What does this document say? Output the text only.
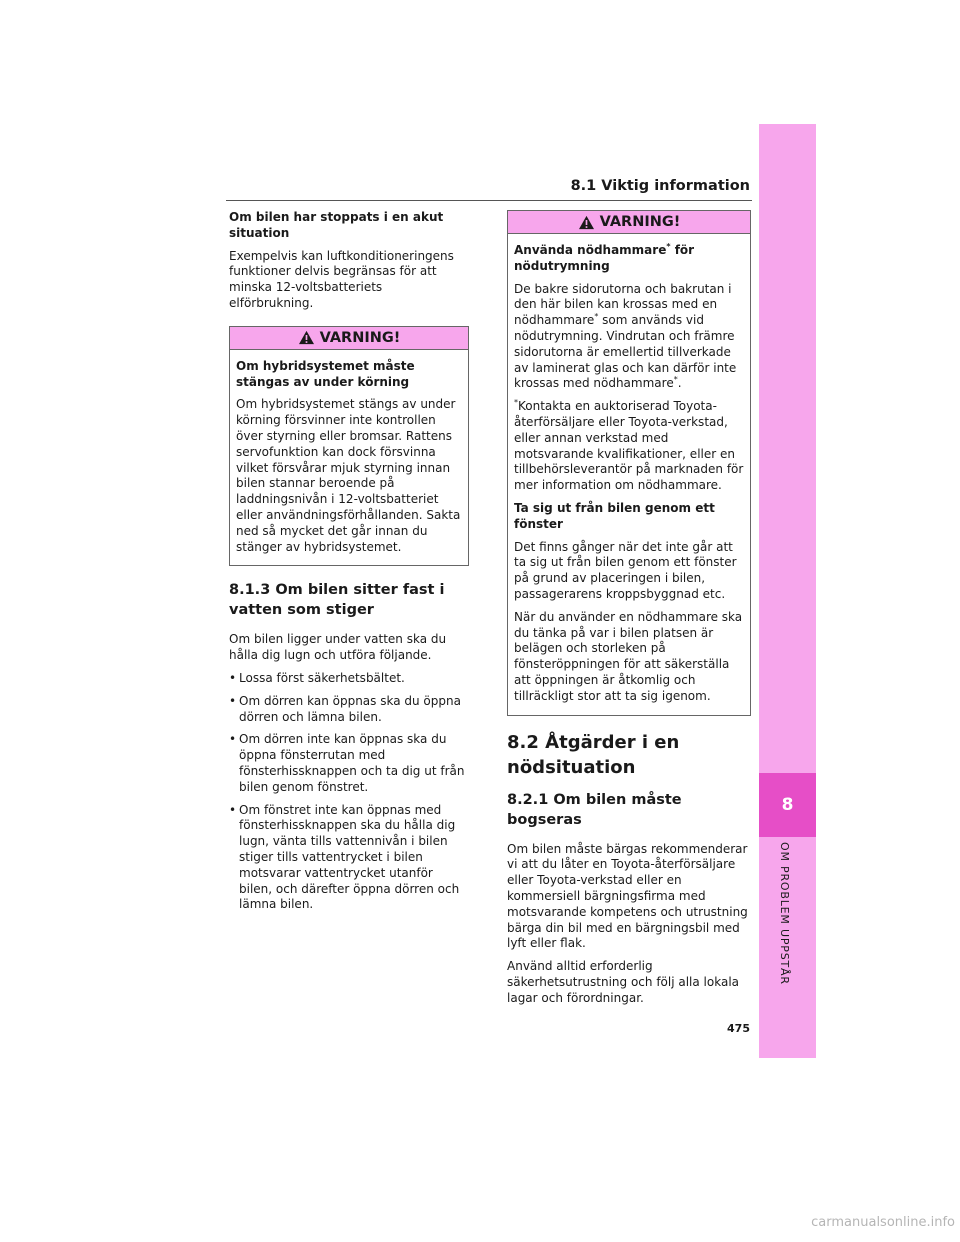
8.1 Viktig information
8
OM PROBLEM UPPSTÅR
Om bilen har stoppats i en akut situation

Exempelvis kan luftkonditioneringens funktioner delvis begränsas för att minska 12-voltsbatteriets elförbrukning.

VARNING!
Om hybridsystemet måste stängas av under körning

Om hybridsystemet stängs av under körning försvinner inte kontrollen över styrning eller bromsar. Rattens servofunktion kan dock försvinna vilket försvårar mjuk styrning innan bilen stannar beroende på laddningsnivån i 12-voltsbatteriet eller användningsförhållanden. Sakta ned så mycket det går innan du stänger av hybridsystemet.

8.1.3 Om bilen sitter fast i vatten som stiger

Om bilen ligger under vatten ska du hålla dig lugn och utföra följande.

• Lossa först säkerhetsbältet.
• Om dörren kan öppnas ska du öppna dörren och lämna bilen.
• Om dörren inte kan öppnas ska du öppna fönsterrutan med fönsterhissknappen och ta dig ut från bilen genom fönstret.
• Om fönstret inte kan öppnas med fönsterhissknappen ska du hålla dig lugn, vänta tills vattennivån i bilen stiger tills vattentrycket i bilen motsvarar vattentrycket utanför bilen, och därefter öppna dörren och lämna bilen.
VARNING!
Använda nödhammare* för nödutrymning

De bakre sidorutorna och bakrutan i den här bilen kan krossas med en nödhammare* som används vid nödutrymning. Vindrutan och främre sidorutorna är emellertid tillverkade av laminerat glas och kan därför inte krossas med nödhammare*.

*Kontakta en auktoriserad Toyota-återförsäljare eller Toyota-verkstad, eller annan verkstad med motsvarande kvalifikationer, eller en tillbehörsleverantör på marknaden för mer information om nödhammare.

Ta sig ut från bilen genom ett fönster

Det finns gånger när det inte går att ta sig ut från bilen genom ett fönster på grund av placeringen i bilen, passagerarens kroppsbyggnad etc.

När du använder en nödhammare ska du tänka på var i bilen platsen är belägen och storleken på fönsteröppningen för att säkerställa att öppningen är åtkomlig och tillräckligt stor att ta sig igenom.

8.2 Åtgärder i en nödsituation
8.2.1 Om bilen måste bogseras

Om bilen måste bärgas rekommenderar vi att du låter en Toyota-återförsäljare eller Toyota-verkstad eller en kommersiell bärgningsfirma med motsvarande kompetens och utrustning bärga din bil med en bärgningsbil med lyft eller flak.

Använd alltid erforderlig säkerhetsutrustning och följ alla lokala lagar och förordningar.

475
carmanualsonline.info
